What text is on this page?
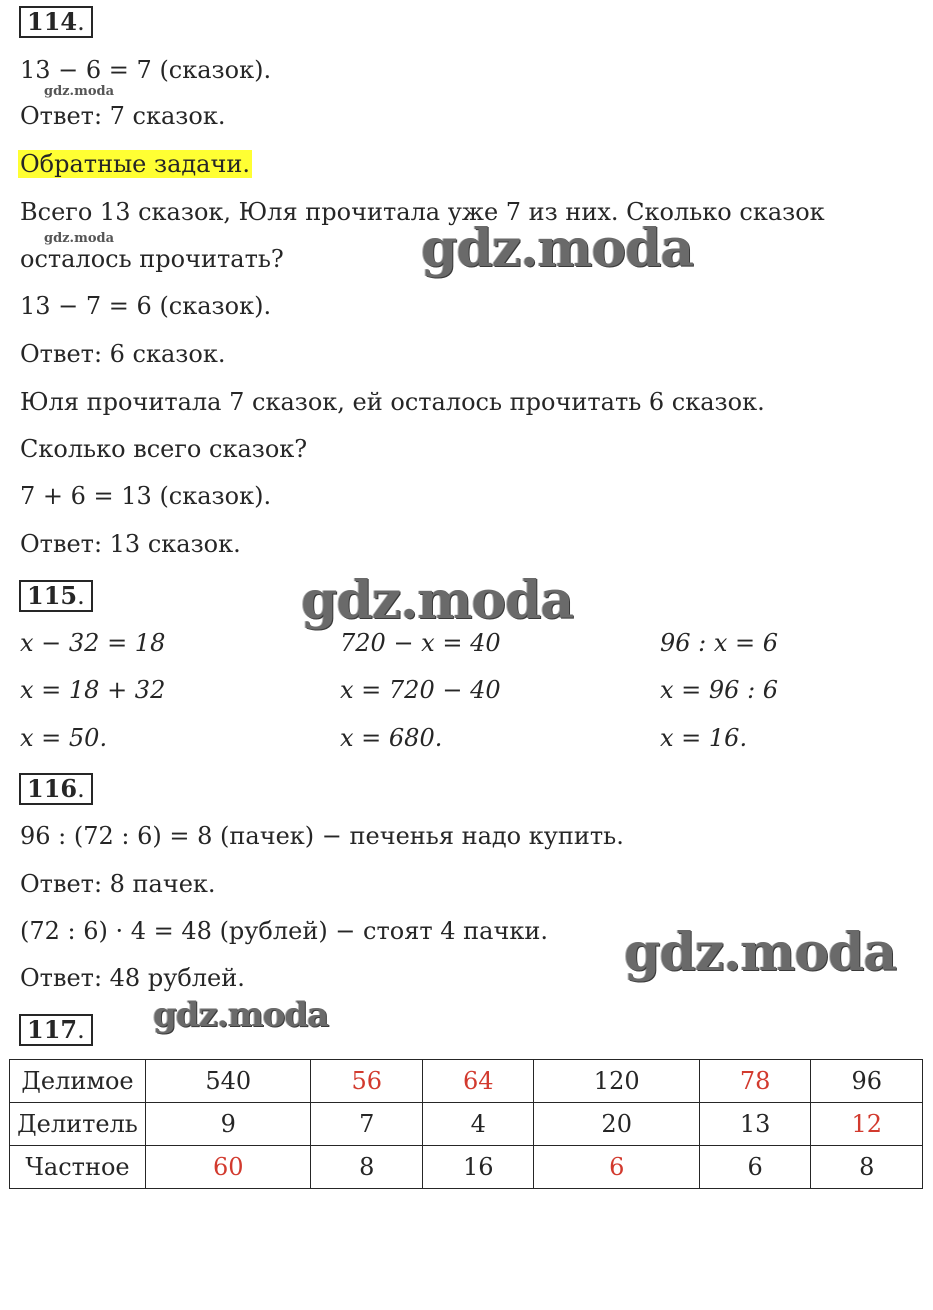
114.
13 − 6 = 7 (сказок).
gdz.moda
Ответ: 7 сказок.
Обратные задачи.
Всего 13 сказок, Юля прочитала уже 7 из них. Сколько сказок
gdz.moda
осталось прочитать?	gdz.moda
13 − 7 = 6 (сказок).
Ответ: 6 сказок.
Юля прочитала 7 сказок, ей осталось прочитать 6 сказок.
Сколько всего сказок?
7 + 6 = 13 (сказок).
Ответ: 13 сказок.
115.	gdz.moda
x − 32 = 18
x = 18 + 32
x = 50.
720 − x = 40
x = 720 − 40
x = 680.
96 : x = 6
x = 96 : 6
x = 16.
116.
96 : (72 : 6) = 8 (пачек) − печенья надо купить.
Ответ: 8 пачек.
(72 : 6) · 4 = 48 (рублей) − стоят 4 пачки.
Ответ: 48 рублей.	gdz.moda
117. gdz.moda
Делимое	540	56	64	120	78	96
Делитель	9	7	4	20	13	12
Частное	60	8	16	6	6	8
